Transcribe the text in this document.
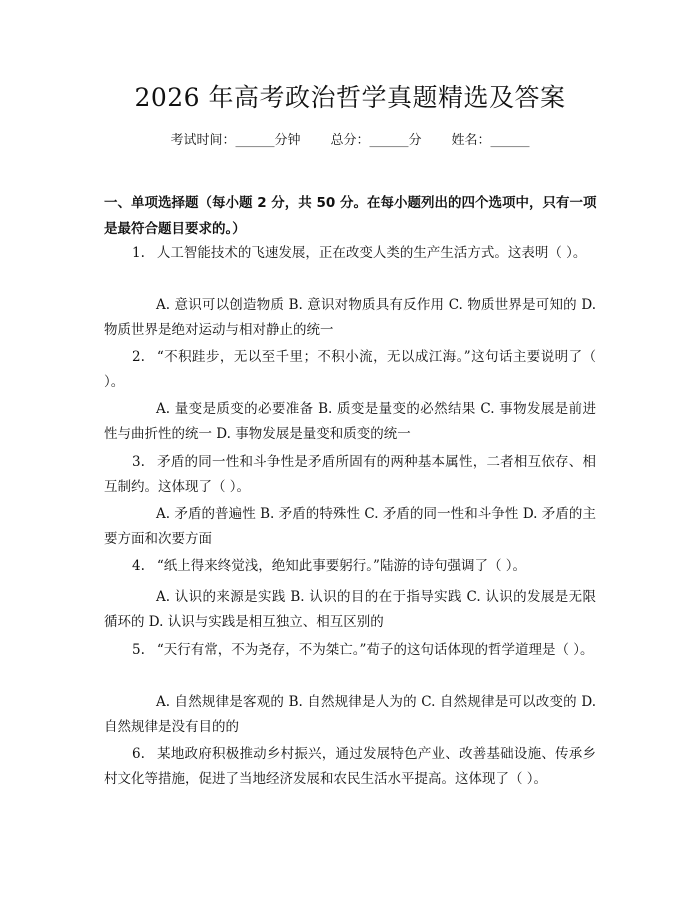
2026 年高考政治哲学真题精选及答案
考试时间：______分钟 总分：______分 姓名：______
一、单项选择题（每小题 2 分，共 50 分。在每小题列出的四个选项中，只有一项是最符合题目要求的。）
1. 人工智能技术的飞速发展，正在改变人类的生产生活方式。这表明（ ）。
A. 意识可以创造物质 B. 意识对物质具有反作用 C. 物质世界是可知的 D. 物质世界是绝对运动与相对静止的统一
2. “不积跬步，无以至千里；不积小流，无以成江海。”这句话主要说明了（ ）。
A. 量变是质变的必要准备 B. 质变是量变的必然结果 C. 事物发展是前进性与曲折性的统一 D. 事物发展是量变和质变的统一
3. 矛盾的同一性和斗争性是矛盾所固有的两种基本属性，二者相互依存、相互制约。这体现了（ ）。
A. 矛盾的普遍性 B. 矛盾的特殊性 C. 矛盾的同一性和斗争性 D. 矛盾的主要方面和次要方面
4. “纸上得来终觉浅，绝知此事要躬行。”陆游的诗句强调了（ ）。
A. 认识的来源是实践 B. 认识的目的在于指导实践 C. 认识的发展是无限循环的 D. 认识与实践是相互独立、相互区别的
5. “天行有常，不为尧存，不为桀亡。”荀子的这句话体现的哲学道理是（ ）。
A. 自然规律是客观的 B. 自然规律是人为的 C. 自然规律是可以改变的 D. 自然规律是没有目的的
6. 某地政府积极推动乡村振兴，通过发展特色产业、改善基础设施、传承乡村文化等措施，促进了当地经济发展和农民生活水平提高。这体现了（ ）。
